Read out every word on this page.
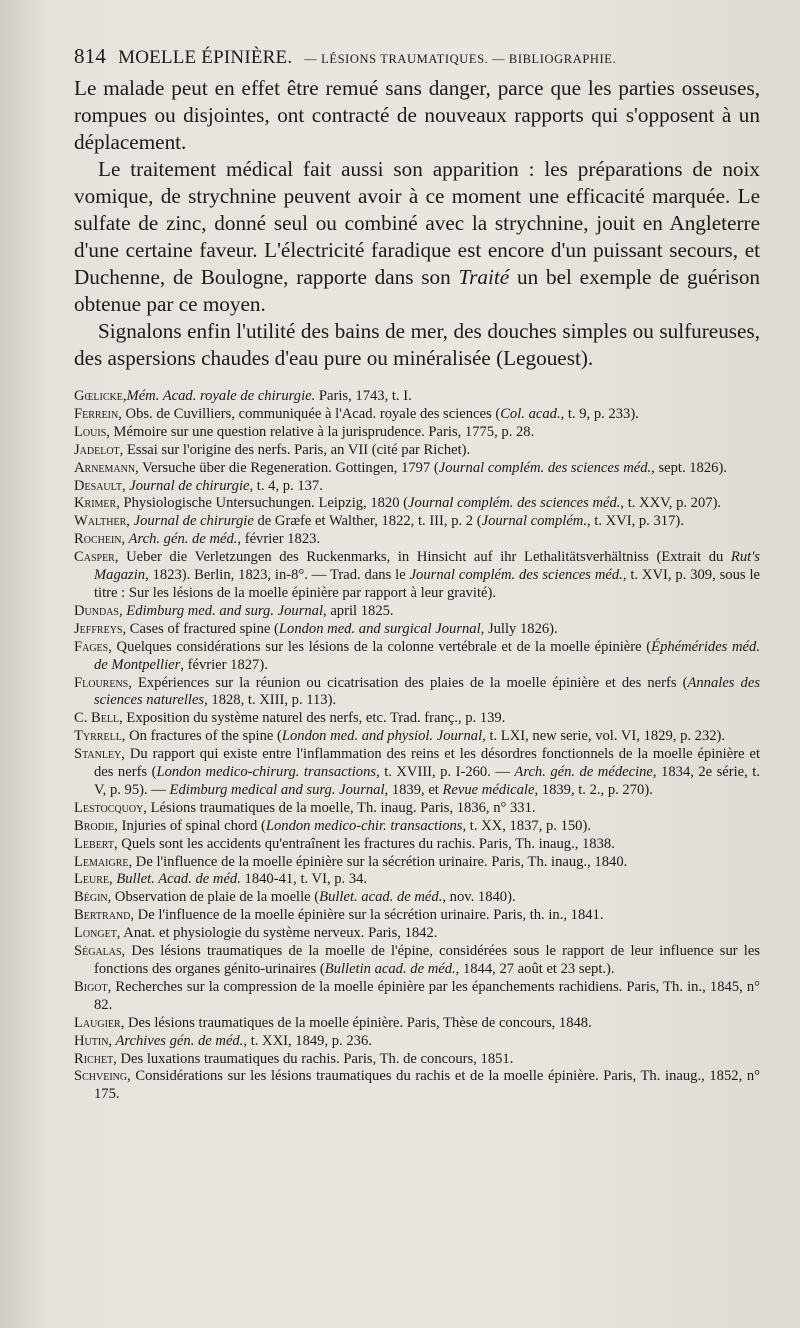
814 MOELLE ÉPINIÈRE. — LÉSIONS TRAUMATIQUES. — BIBLIOGRAPHIE.

Le malade peut en effet être remué sans danger, parce que les parties osseuses, rompues ou disjointes, ont contracté de nouveaux rapports qui s'opposent à un déplacement.

Le traitement médical fait aussi son apparition : les préparations de noix vomique, de strychnine peuvent avoir à ce moment une efficacité marquée. Le sulfate de zinc, donné seul ou combiné avec la strychnine, jouit en Angleterre d'une certaine faveur. L'électricité faradique est encore d'un puissant secours, et Duchenne, de Boulogne, rapporte dans son Traité un bel exemple de guérison obtenue par ce moyen.

Signalons enfin l'utilité des bains de mer, des douches simples ou sulfureuses, des aspersions chaudes d'eau pure ou minéralisée (Legouest).

Gœlicke,Mém. Acad. royale de chirurgie. Paris, 1743, t. I.

Ferrein, Obs. de Cuvilliers, communiquée à l'Acad. royale des sciences (Col. acad., t. 9, p. 233).

Louis, Mémoire sur une question relative à la jurisprudence. Paris, 1775, p. 28.

Jadelot, Essai sur l'origine des nerfs. Paris, an VII (cité par Richet).

Arnemann, Versuche über die Regeneration. Gottingen, 1797 (Journal complém. des sciences méd., sept. 1826).

Desault, Journal de chirurgie, t. 4, p. 137.

Krimer, Physiologische Untersuchungen. Leipzig, 1820 (Journal complém. des sciences méd., t. XXV, p. 207).

Walther, Journal de chirurgie de Græfe et Walther, 1822, t. III, p. 2 (Journal complém., t. XVI, p. 317).

Rochein, Arch. gén. de méd., février 1823.

Casper, Ueber die Verletzungen des Ruckenmarks, in Hinsicht auf ihr Lethalitätsverhältniss (Extrait du Rut's Magazin, 1823). Berlin, 1823, in-8°. — Trad. dans le Journal complém. des sciences méd., t. XVI, p. 309, sous le titre : Sur les lésions de la moelle épinière par rapport à leur gravité).

Dundas, Edimburg med. and surg. Journal, april 1825.

Jeffreys, Cases of fractured spine (London med. and surgical Journal, Jully 1826).

Fages, Quelques considérations sur les lésions de la colonne vertébrale et de la moelle épinière (Éphémérides méd. de Montpellier, février 1827).

Flourens, Expériences sur la réunion ou cicatrisation des plaies de la moelle épinière et des nerfs (Annales des sciences naturelles, 1828, t. XIII, p. 113).

C. Bell, Exposition du système naturel des nerfs, etc. Trad. franç., p. 139.

Tyrrell, On fractures of the spine (London med. and physiol. Journal, t. LXI, new serie, vol. VI, 1829, p. 232).

Stanley, Du rapport qui existe entre l'inflammation des reins et les désordres fonctionnels de la moelle épinière et des nerfs (London medico-chirurg. transactions, t. XVIII, p. I-260. — Arch. gén. de médecine, 1834, 2e série, t. V, p. 95). — Edimburg medical and surg. Journal, 1839, et Revue médicale, 1839, t. 2., p. 270).

Lestocquoy, Lésions traumatiques de la moelle, Th. inaug. Paris, 1836, n° 331.

Brodie, Injuries of spinal chord (London medico-chir. transactions, t. XX, 1837, p. 150).

Lebert, Quels sont les accidents qu'entraînent les fractures du rachis. Paris, Th. inaug., 1838.

Lemaigre, De l'influence de la moelle épinière sur la sécrétion urinaire. Paris, Th. inaug., 1840.

Leure, Bullet. Acad. de méd. 1840-41, t. VI, p. 34.

Bégin, Observation de plaie de la moelle (Bullet. acad. de méd., nov. 1840).

Bertrand, De l'influence de la moelle épinière sur la sécrétion urinaire. Paris, th. in., 1841.

Longet, Anat. et physiologie du système nerveux. Paris, 1842.

Ségalas, Des lésions traumatiques de la moelle de l'épine, considérées sous le rapport de leur influence sur les fonctions des organes génito-urinaires (Bulletin acad. de méd., 1844, 27 août et 23 sept.).

Bigot, Recherches sur la compression de la moelle épinière par les épanchements rachidiens. Paris, Th. in., 1845, n° 82.

Laugier, Des lésions traumatiques de la moelle épinière. Paris, Thèse de concours, 1848.

Hutin, Archives gén. de méd., t. XXI, 1849, p. 236.

Richet, Des luxations traumatiques du rachis. Paris, Th. de concours, 1851.

Schveing, Considérations sur les lésions traumatiques du rachis et de la moelle épinière. Paris, Th. inaug., 1852, n° 175.
